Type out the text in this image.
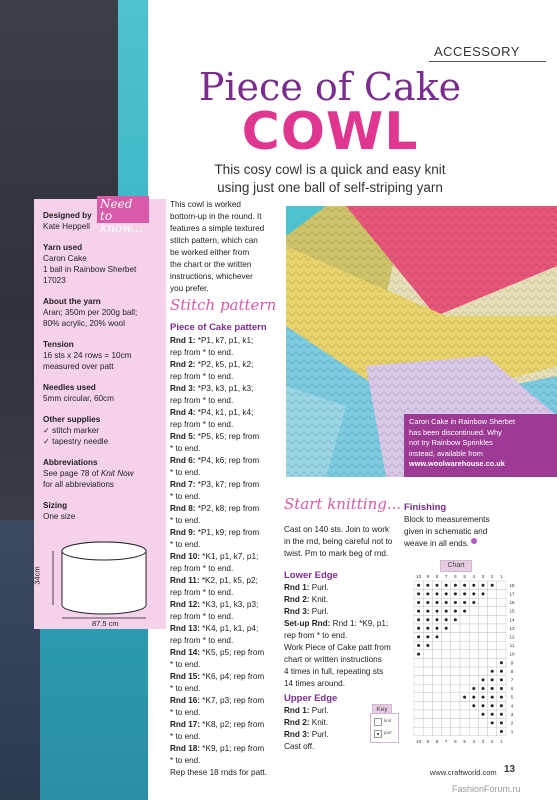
Designed by
Kate Heppell
Yarn used
Caron Cake
1 ball in Rainbow Sherbet
17023
About the yarn
Aran; 350m per 200g ball;
80% acrylic, 20% wool
Tension
16 sts x 24 rows = 10cm
measured over patt
Needles used
5mm circular, 60cm
Other supplies
✓ stitch marker
✓ tapestry needle
Abbreviations
See page 78 of Knit Now
for all abbreviations
Sizing
One size
34cm
87.5 cm
Need to know...
ACCESSORY
Piece of Cake
COWL
This cosy cowl is a quick and easy knit using just one ball of self-striping yarn
This cowl is worked
bottom-up in the round. It
features a simple textured
stitch pattern, which can
be worked either from
the chart or the written
instructions, whichever
you prefer.
Stitch pattern
Piece of Cake pattern
Rnd 1: *P1, k7, p1, k1;
rep from * to end.
Rnd 2: *P2, k5, p1, k2;
rep from * to end.
Rnd 3: *P3, k3, p1, k3;
rep from * to end.
Rnd 4: *P4, k1, p1, k4;
rep from * to end.
Rnd 5: *P5, k5; rep from
* to end.
Rnd 6: *P4, k6; rep from
* to end.
Rnd 7: *P3, k7; rep from
* to end.
Rnd 8: *P2, k8; rep from
* to end.
Rnd 9: *P1, k9; rep from
* to end.
Rnd 10: *K1, p1, k7, p1;
rep from * to end.
Rnd 11: *K2, p1, k5, p2;
rep from * to end.
Rnd 12: *K3, p1, k3, p3;
rep from * to end.
Rnd 13: *K4, p1, k1, p4;
rep from * to end.
Rnd 14: *K5, p5; rep from
* to end.
Rnd 15: *K6, p4; rep from
* to end.
Rnd 16: *K7, p3; rep from
* to end.
Rnd 17: *K8, p2; rep from
* to end.
Rnd 18: *K9, p1; rep from
* to end.
Rep these 18 rnds for patt.
Caron Cake in Rainbow Sherbet
has been discontinued. Why
not try Rainbow Sprinkles
instead, available from
www.woolwarehouse.co.uk
Start knitting...
Cast on 140 sts. Join to work
in the rnd, being careful not to
twist. Pm to mark beg of rnd.
Lower Edge
Rnd 1: Purl.
Rnd 2: Knit.
Rnd 3: Purl.
Set-up Rnd: Rnd 1: *K9, p1;
rep from * to end.
Work Piece of Cake patt from
chart or written instructions
4 times in full, repeating sts
14 times around.
Upper Edge
Rnd 1: Purl.
Rnd 2: Knit.
Rnd 3: Purl.
Cast off.
Key
knit
purl
Finishing
Block to measurements
given in schematic and
weave in all ends.
Chart
10
10
9
9
8
8
7
7
6
6
5
5
4
4
3
3
2
2
1
1
18
17
16
15
14
13
12
11
10
9
8
7
6
5
4
3
2
1
www.craftworld.com 13
FashionForum.ru
